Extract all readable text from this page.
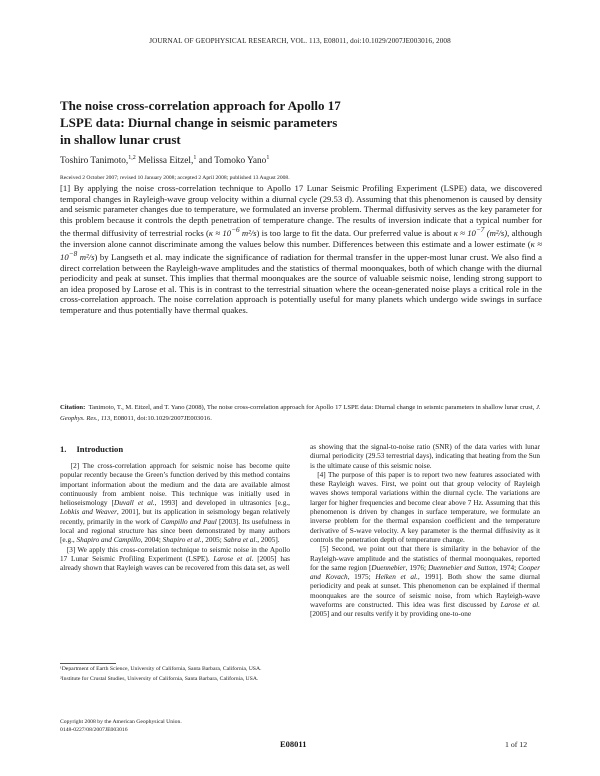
JOURNAL OF GEOPHYSICAL RESEARCH, VOL. 113, E08011, doi:10.1029/2007JE003016, 2008
The noise cross-correlation approach for Apollo 17
LSPE data: Diurnal change in seismic parameters
in shallow lunar crust
Toshiro Tanimoto,$^{1,2}$ Melissa Eitzel,$^1$ and Tomoko Yano$^1$
Received 2 October 2007; revised 10 January 2008; accepted 2 April 2008; published 13 August 2008.
[1] By applying the noise cross-correlation technique to Apollo 17 Lunar Seismic Profiling Experiment (LSPE) data, we discovered temporal changes in Rayleigh-wave group velocity within a diurnal cycle (29.53 d). Assuming that this phenomenon is caused by density and seismic parameter changes due to temperature, we formulated an inverse problem. Thermal diffusivity serves as the key parameter for this problem because it controls the depth penetration of temperature change. The results of inversion indicate that a typical number for the thermal diffusivity of terrestrial rocks ($\kappa \approx 10^{-6}$ m²/s) is too large to fit the data. Our preferred value is about $\kappa \approx 10^{-7}$ (m²/s), although the inversion alone cannot discriminate among the values below this number. Differences between this estimate and a lower estimate ($\kappa \approx 10^{-8}$ m²/s) by Langseth et al. may indicate the significance of radiation for thermal transfer in the upper-most lunar crust. We also find a direct correlation between the Rayleigh-wave amplitudes and the statistics of thermal moonquakes, both of which change with the diurnal periodicity and peak at sunset. This implies that thermal moonquakes are the source of valuable seismic noise, lending strong support to an idea proposed by Larose et al. This is in contrast to the terrestrial situation where the ocean-generated noise plays a critical role in the cross-correlation approach. The noise correlation approach is potentially useful for many planets which undergo wide swings in surface temperature and thus potentially have thermal quakes.
Citation: Tanimoto, T., M. Eitzel, and T. Yano (2008), The noise cross-correlation approach for Apollo 17 LSPE data: Diurnal change in seismic parameters in shallow lunar crust, J. Geophys. Res., 113, E08011, doi:10.1029/2007JE003016.
1. Introduction

[2] The cross-correlation approach for seismic noise has become quite popular recently because the Green’s function derived by this method contains important information about the medium and the data are available almost continuously from ambient noise. This technique was initially used in helioseismology [Duvall et al., 1993] and developed in ultrasonics [e.g., Lobkis and Weaver, 2001], but its application in seismology began relatively recently, primarily in the work of Campillo and Paul [2003]. Its usefulness in local and regional structure has since been demonstrated by many authors [e.g., Shapiro and Campillo, 2004; Shapiro et al., 2005; Sabra et al., 2005].

[3] We apply this cross-correlation technique to seismic noise in the Apollo 17 Lunar Seismic Profiling Experiment (LSPE). Larose et al. [2005] has already shown that Rayleigh waves can be recovered from this data set, as well

as showing that the signal-to-noise ratio (SNR) of the data varies with lunar diurnal periodicity (29.53 terrestrial days), indicating that heating from the Sun is the ultimate cause of this seismic noise.

[4] The purpose of this paper is to report two new features associated with these Rayleigh waves. First, we point out that group velocity of Rayleigh waves shows temporal variations within the diurnal cycle. The variations are larger for higher frequencies and become clear above 7 Hz. Assuming that this phenomenon is driven by changes in surface temperature, we formulate an inverse problem for the thermal expansion coefficient and the temperature derivative of S-wave velocity. A key parameter is the thermal diffusivity as it controls the penetration depth of temperature change.

[5] Second, we point out that there is similarity in the behavior of the Rayleigh-wave amplitude and the statistics of thermal moonquakes, reported for the same region [Duennebier, 1976; Duennebier and Sutton, 1974; Cooper and Kovach, 1975; Heiken et al., 1991]. Both show the same diurnal periodicity and peak at sunset. This phenomenon can be explained if thermal moonquakes are the source of seismic noise, from which Rayleigh-wave waveforms are constructed. This idea was first discussed by Larose et al. [2005] and our results verify it by providing one-to-one

¹Department of Earth Science, University of California, Santa Barbara, California, USA.

²Institute for Crustal Studies, University of California, Santa Barbara, California, USA.

Copyright 2008 by the American Geophysical Union.
0148-0227/08/2007JE003016
E08011	1 of 12
